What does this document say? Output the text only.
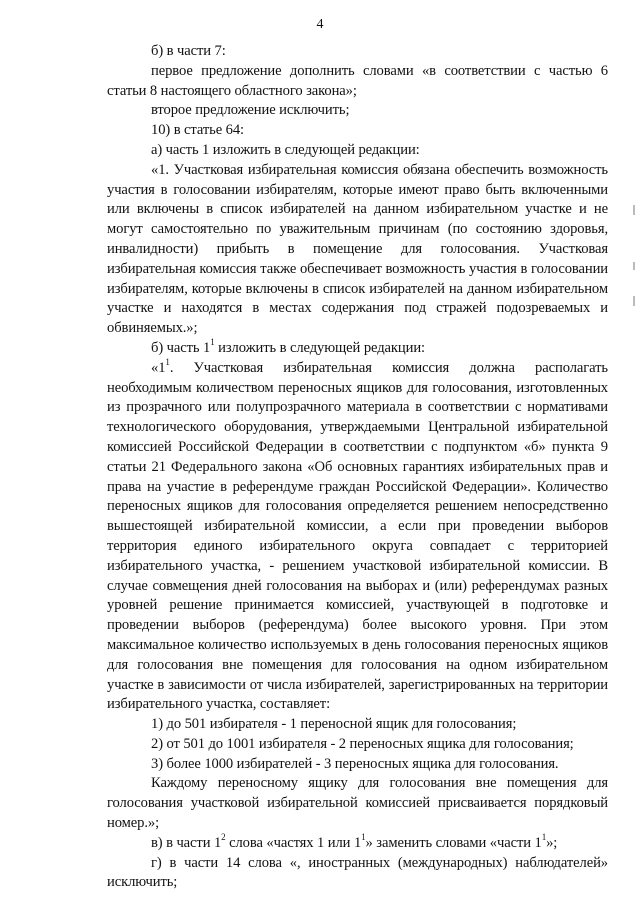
4

б) в части 7:

первое предложение дополнить словами «в соответствии с частью 6 статьи 8 настоящего областного закона»;

второе предложение исключить;

10) в статье 64:

а) часть 1 изложить в следующей редакции:

«1. Участковая избирательная комиссия обязана обеспечить возможность участия в голосовании избирателям, которые имеют право быть включенными или включены в список избирателей на данном избирательном участке и не могут самостоятельно по уважительным причинам (по состоянию здоровья, инвалидности) прибыть в помещение для голосования. Участковая избирательная комиссия также обеспечивает возможность участия в голосовании избирателям, которые включены в список избирателей на данном избирательном участке и находятся в местах содержания под стражей подозреваемых и обвиняемых.»;

б) часть $1^1$ изложить в следующей редакции:

«$1^1$. Участковая избирательная комиссия должна располагать необходимым количеством переносных ящиков для голосования, изготовленных из прозрачного или полупрозрачного материала в соответствии с нормативами технологического оборудования, утверждаемыми Центральной избирательной комиссией Российской Федерации в соответствии с подпунктом «б» пункта 9 статьи 21 Федерального закона «Об основных гарантиях избирательных прав и права на участие в референдуме граждан Российской Федерации». Количество переносных ящиков для голосования определяется решением непосредственно вышестоящей избирательной комиссии, а если при проведении выборов территория единого избирательного округа совпадает с территорией избирательного участка, - решением участковой избирательной комиссии. В случае совмещения дней голосования на выборах и (или) референдумах разных уровней решение принимается комиссией, участвующей в подготовке и проведении выборов (референдума) более высокого уровня. При этом максимальное количество используемых в день голосования переносных ящиков для голосования вне помещения для голосования на одном избирательном участке в зависимости от числа избирателей, зарегистрированных на территории избирательного участка, составляет:

1) до 501 избирателя - 1 переносной ящик для голосования;

2) от 501 до 1001 избирателя - 2 переносных ящика для голосования;

3) более 1000 избирателей - 3 переносных ящика для голосования.

Каждому переносному ящику для голосования вне помещения для голосования участковой избирательной комиссией присваивается порядковый номер.»;

в) в части $1^2$ слова «частях 1 или $1^1$» заменить словами «части $1^1$»;

г) в части 14 слова «, иностранных (международных) наблюдателей» исключить;
